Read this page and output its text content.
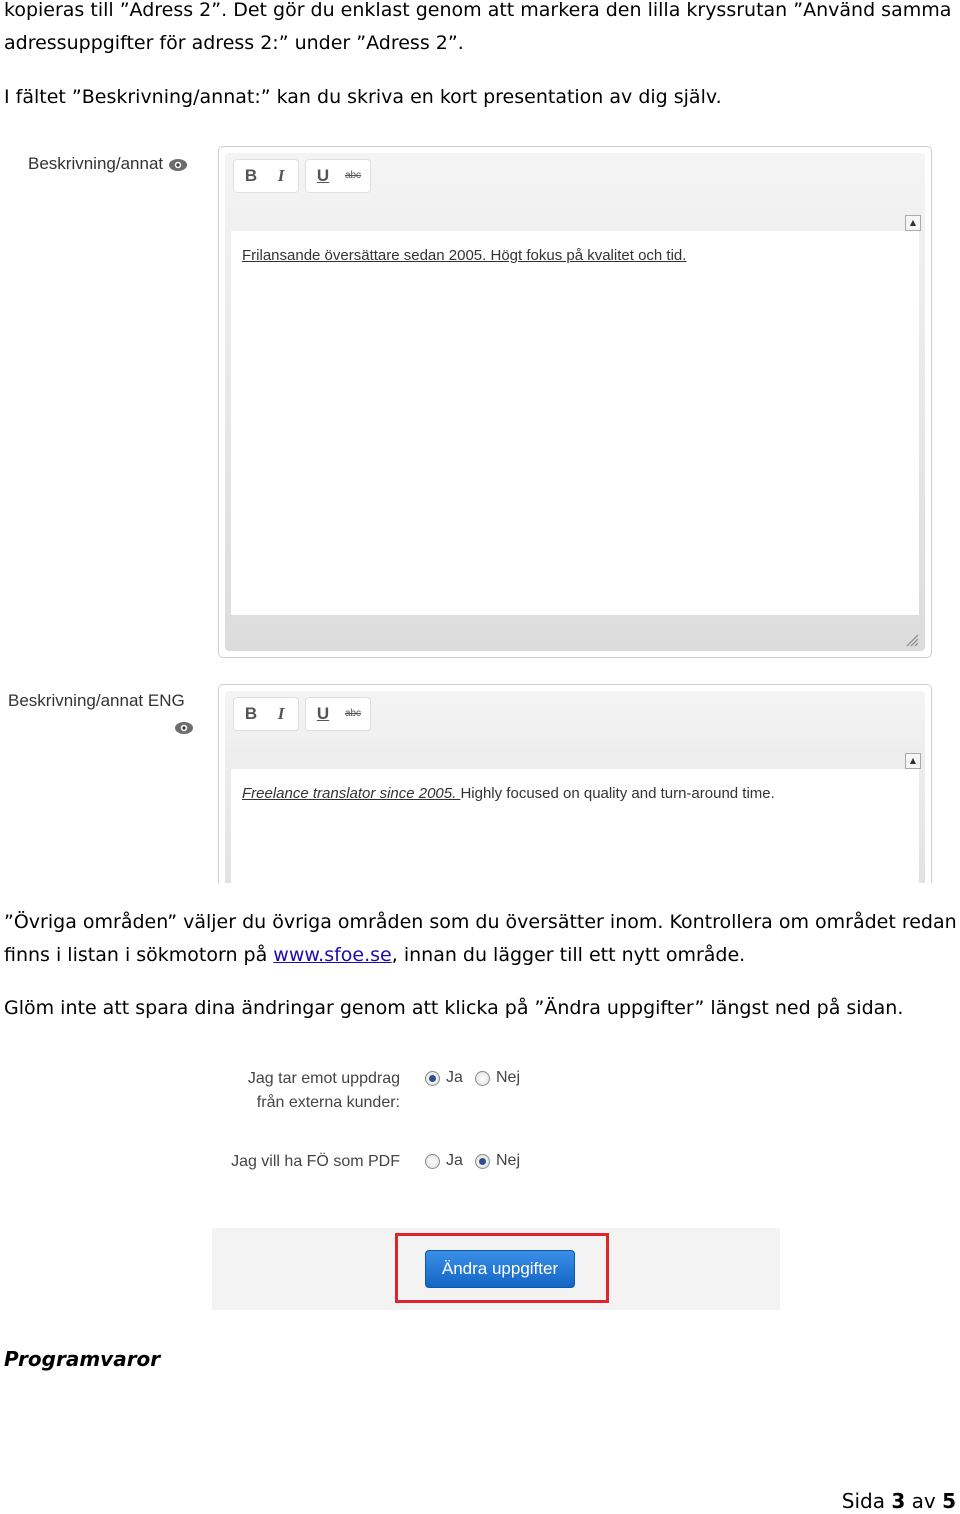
kopieras till ”Adress 2”. Det gör du enklast genom att markera den lilla kryssrutan ”Använd samma

adressuppgifter för adress 2:” under ”Adress 2”.

I fältet ”Beskrivning/annat:” kan du skriva en kort presentation av dig själv.

Beskrivning/annat
B	I	U	abc
▲
Frilansande översättare sedan 2005. Högt fokus på kvalitet och tid.
Beskrivning/annat ENG
B	I	U	abc
▲
Freelance translator since 2005. Highly focused on quality and turn-around time.

”Övriga områden” väljer du övriga områden som du översätter inom. Kontrollera om området redan

finns i listan i sökmotorn på www.sfoe.se, innan du lägger till ett nytt område.

Glöm inte att spara dina ändringar genom att klicka på ”Ändra uppgifter” längst ned på sidan.

Jag tar emot uppdrag
från externa kunder:
Ja	Nej
Jag vill ha FÖ som PDF	Ja	Nej
Ändra uppgifter
Programvaror
Sida 3 av 5
